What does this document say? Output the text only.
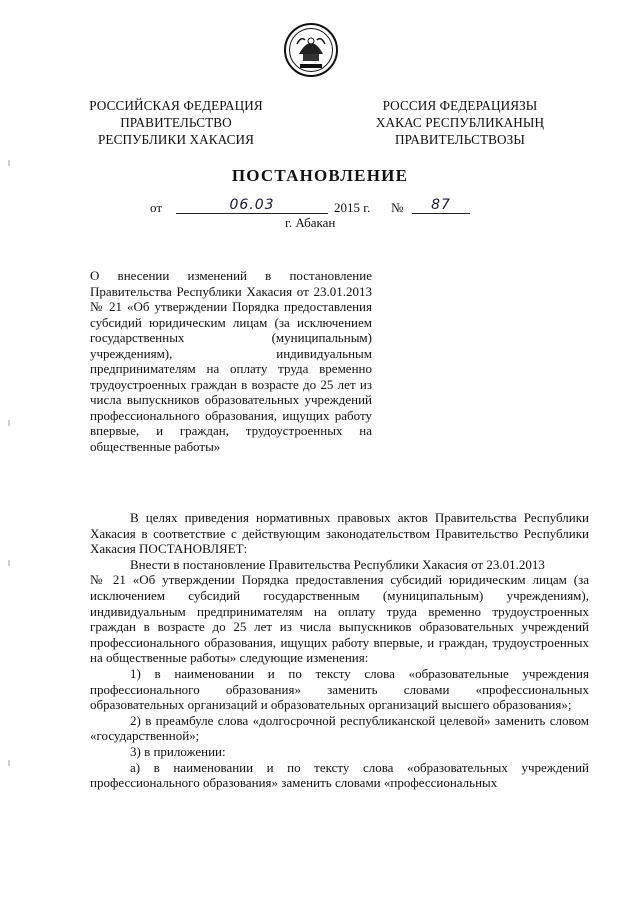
РОССИЙСКАЯ ФЕДЕРАЦИЯ
ПРАВИТЕЛЬСТВО
РЕСПУБЛИКИ ХАКАСИЯ
РОССИЯ ФЕДЕРАЦИЯЗЫ
ХАКАС РЕСПУБЛИКАНЫҢ
ПРАВИТЕЛЬСТВОЗЫ
ПОСТАНОВЛЕНИЕ
от	06.03	2015 г. №	87
г. Абакан
О внесении изменений в постановление Правительства Республики Хакасия от 23.01.2013 № 21 «Об утверждении Порядка предоставления субсидий юридическим лицам (за исключением государственных (муниципальным) учреждениям), индивидуальным предпринимателям на оплату труда временно трудоустроенных граждан в возрасте до 25 лет из числа выпускников образовательных учреждений профессионального образования, ищущих работу впервые, и граждан, трудоустроенных на общественные работы»

В целях приведения нормативных правовых актов Правительства Республики Хакасия в соответствие с действующим законодательством Правительство Республики Хакасия ПОСТАНОВЛЯЕТ:

Внести в постановление Правительства Республики Хакасия от 23.01.2013

№ 21 «Об утверждении Порядка предоставления субсидий юридическим лицам (за исключением субсидий государственным (муниципальным) учреждениям), индивидуальным предпринимателям на оплату труда временно трудоустроенных граждан в возрасте до 25 лет из числа выпускников образовательных учреждений профессионального образования, ищущих работу впервые, и граждан, трудоустроенных на общественные работы» следующие изменения:

1) в наименовании и по тексту слова «образовательные учреждения профессионального образования» заменить словами «профессиональных образовательных организаций и образовательных организаций высшего образования»;

2) в преамбуле слова «долгосрочной республиканской целевой» заменить словом «государственной»;

3) в приложении:

а) в наименовании и по тексту слова «образовательных учреждений профессионального образования» заменить словами «профессиональных
